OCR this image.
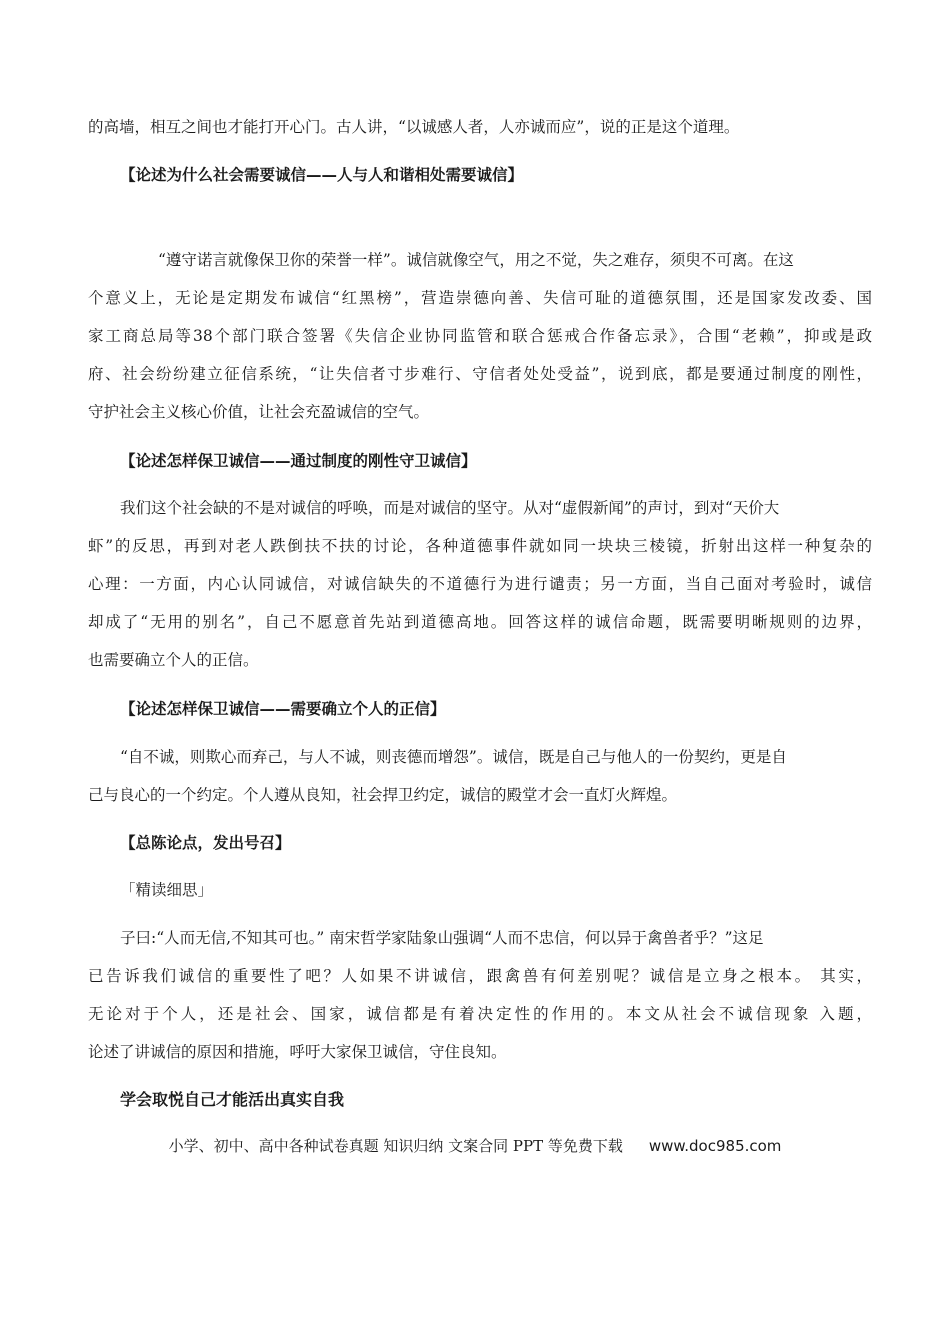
的高墙，相互之间也才能打开心门。古人讲，“以诚感人者，人亦诚而应”，说的正是这个道理。
【论述为什么社会需要诚信——人与人和谐相处需要诚信】
“遵守诺言就像保卫你的荣誉一样”。诚信就像空气，用之不觉，失之难存，须臾不可离。在这
个意义上，无论是定期发布诚信“红黑榜”，营造崇德向善、失信可耻的道德氛围，还是国家发改委、国
家工商总局等38个部门联合签署《失信企业协同监管和联合惩戒合作备忘录》，合围“老赖”，抑或是政
府、社会纷纷建立征信系统，“让失信者寸步难行、守信者处处受益”，说到底，都是要通过制度的刚性，
守护社会主义核心价值，让社会充盈诚信的空气。
【论述怎样保卫诚信——通过制度的刚性守卫诚信】
我们这个社会缺的不是对诚信的呼唤，而是对诚信的坚守。从对“虚假新闻”的声讨，到对“天价大
虾”的反思，再到对老人跌倒扶不扶的讨论，各种道德事件就如同一块块三棱镜，折射出这样一种复杂的
心理：一方面，内心认同诚信，对诚信缺失的不道德行为进行谴责；另一方面，当自己面对考验时，诚信
却成了“无用的别名”，自己不愿意首先站到道德高地。回答这样的诚信命题，既需要明晰规则的边界，
也需要确立个人的正信。
【论述怎样保卫诚信——需要确立个人的正信】
“自不诚，则欺心而弃己，与人不诚，则丧德而增怨”。诚信，既是自己与他人的一份契约，更是自
己与良心的一个约定。个人遵从良知，社会捍卫约定，诚信的殿堂才会一直灯火辉煌。
【总陈论点，发出号召】
「精读细思」
子曰:“人而无信,不知其可也。” 南宋哲学家陆象山强调“人而不忠信，何以异于禽兽者乎？”这足
已告诉我们诚信的重要性了吧？人如果不讲诚信，跟禽兽有何差别呢？诚信是立身之根本。 其实，
无论对于个人，还是社会、国家，诚信都是有着决定性的作用的。本文从社会不诚信现象 入题，
论述了讲诚信的原因和措施，呼吁大家保卫诚信，守住良知。
学会取悦自己才能活出真实自我
小学、初中、高中各种试卷真题 知识归纳 文案合同 PPT 等免费下载 www.doc985.com
